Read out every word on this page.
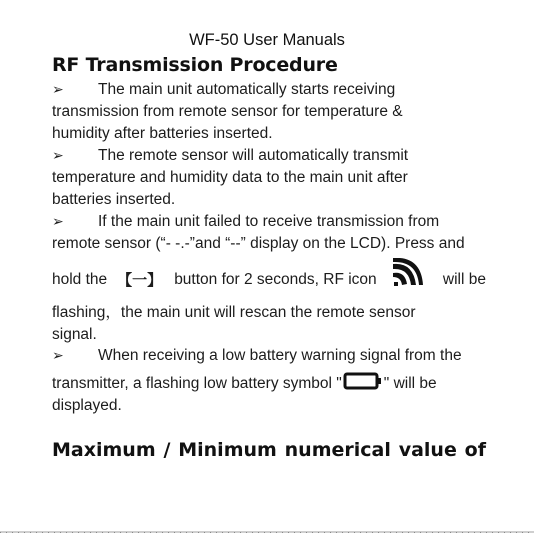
WF-50 User Manuals
RF Transmission Procedure
➢ The main unit automatically starts receiving
transmission from remote sensor for temperature &
humidity after batteries inserted.
➢ The remote sensor will automatically transmit
temperature and humidity data to the main unit after
batteries inserted.
➢ If the main unit failed to receive transmission from
remote sensor (“- -.-”and “--” display on the LCD). Press and
hold the 【一】 button for 2 seconds, RF icon	will be
flashing，the main unit will rescan the remote sensor
signal.
➢ When receiving a low battery warning signal from the
transmitter, a flashing low battery symbol "	" will be
displayed.
Maximum / Minimum numerical value of
